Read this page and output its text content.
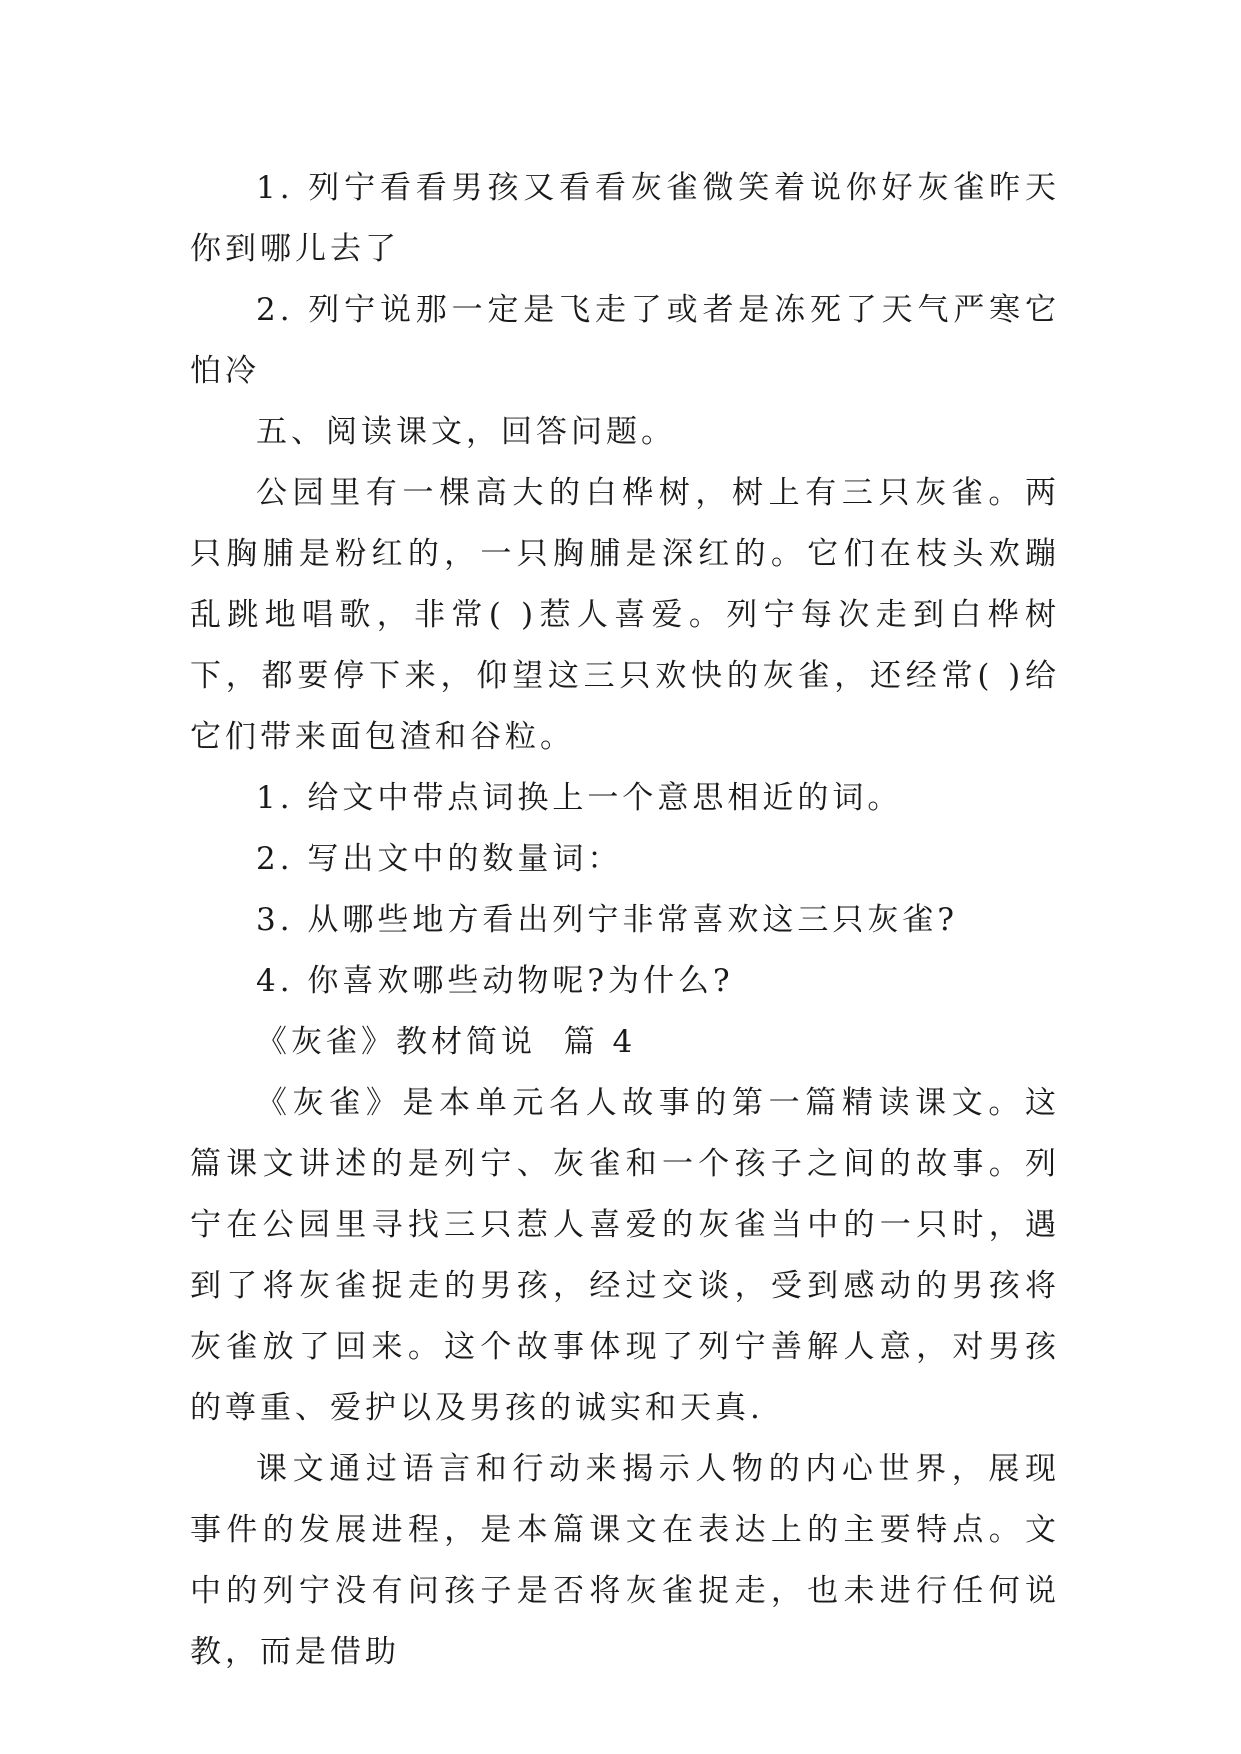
1. 列宁看看男孩又看看灰雀微笑着说你好灰雀昨天你到哪儿去了

2. 列宁说那一定是飞走了或者是冻死了天气严寒它怕冷

五、阅读课文，回答问题。

公园里有一棵高大的白桦树，树上有三只灰雀。两只胸脯是粉红的，一只胸脯是深红的。它们在枝头欢蹦乱跳地唱歌，非常( )惹人喜爱。列宁每次走到白桦树下，都要停下来，仰望这三只欢快的灰雀，还经常( )给它们带来面包渣和谷粒。

1. 给文中带点词换上一个意思相近的词。

2. 写出文中的数量词：

3. 从哪些地方看出列宁非常喜欢这三只灰雀?

4. 你喜欢哪些动物呢?为什么?

《灰雀》教材简说  篇 4

《灰雀》是本单元名人故事的第一篇精读课文。这篇课文讲述的是列宁、灰雀和一个孩子之间的故事。列宁在公园里寻找三只惹人喜爱的灰雀当中的一只时，遇到了将灰雀捉走的男孩，经过交谈，受到感动的男孩将灰雀放了回来。这个故事体现了列宁善解人意，对男孩的尊重、爱护以及男孩的诚实和天真.

课文通过语言和行动来揭示人物的内心世界，展现事件的发展进程，是本篇课文在表达上的主要特点。文中的列宁没有问孩子是否将灰雀捉走，也未进行任何说教，而是借助
